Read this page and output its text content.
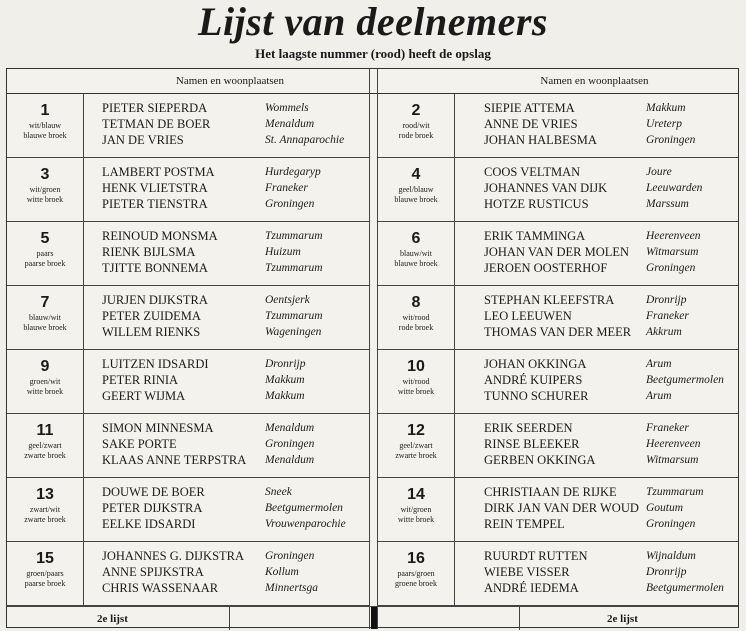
Lijst van deelnemers
Het laagste nummer (rood) heeft de opslag
Namen en woonplaatsen	Namen en woonplaatsen
1
wit/blauw
blauwe broek
PIETER SIEPERDA
TETMAN DE BOER
JAN DE VRIES
Wommels
Menaldum
St. Annaparochie
3
wit/groen
witte broek
LAMBERT POSTMA
HENK VLIETSTRA
PIETER TIENSTRA
Hurdegaryp
Franeker
Groningen
5
paars
paarse broek
REINOUD MONSMA
RIENK BIJLSMA
TJITTE BONNEMA
Tzummarum
Huizum
Tzummarum
7
blauw/wit
blauwe broek
JURJEN DIJKSTRA
PETER ZUIDEMA
WILLEM RIENKS
Oentsjerk
Tzummarum
Wageningen
9
groen/wit
witte broek
LUITZEN IDSARDI
PETER RINIA
GEERT WIJMA
Dronrijp
Makkum
Makkum
11
geel/zwart
zwarte broek
SIMON MINNESMA
SAKE PORTE
KLAAS ANNE TERPSTRA
Menaldum
Groningen
Menaldum
13
zwart/wit
zwarte broek
DOUWE DE BOER
PETER DIJKSTRA
EELKE IDSARDI
Sneek
Beetgumermolen
Vrouwenparochie
15
groen/paars
paarse broek
JOHANNES G. DIJKSTRA
ANNE SPIJKSTRA
CHRIS WASSENAAR
Groningen
Kollum
Minnertsga
2
rood/wit
rode broek
SIEPIE ATTEMA
ANNE DE VRIES
JOHAN HALBESMA
Makkum
Ureterp
Groningen
4
geel/blauw
blauwe broek
COOS VELTMAN
JOHANNES VAN DIJK
HOTZE RUSTICUS
Joure
Leeuwarden
Marssum
6
blauw/wit
blauwe broek
ERIK TAMMINGA
JOHAN VAN DER MOLEN
JEROEN OOSTERHOF
Heerenveen
Witmarsum
Groningen
8
wit/rood
rode broek
STEPHAN KLEEFSTRA
LEO LEEUWEN
THOMAS VAN DER MEER
Dronrijp
Franeker
Akkrum
10
wit/rood
witte broek
JOHAN OKKINGA
ANDRÉ KUIPERS
TUNNO SCHURER
Arum
Beetgumermolen
Arum
12
geel/zwart
zwarte broek
ERIK SEERDEN
RINSE BLEEKER
GERBEN OKKINGA
Franeker
Heerenveen
Witmarsum
14
wit/groen
witte broek
CHRISTIAAN DE RIJKE
DIRK JAN VAN DER WOUD
REIN TEMPEL
Tzummarum
Goutum
Groningen
16
paars/groen
groene broek
RUURDT RUTTEN
WIEBE VISSER
ANDRÉ IEDEMA
Wijnaldum
Dronrijp
Beetgumermolen
2e lijst	2e lijst
